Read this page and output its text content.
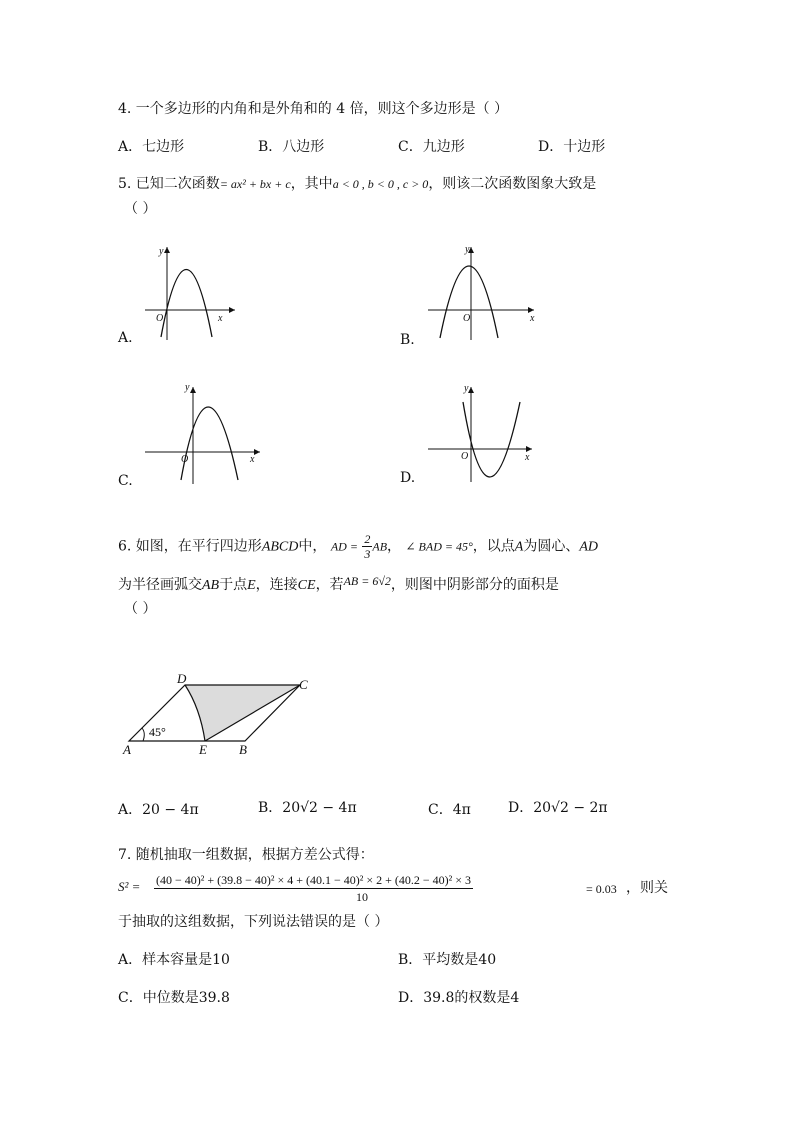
4. 一个多边形的内角和是外角和的 4 倍，则这个多边形是（ ）
A．七边形	B．八边形	C．九边形	D．十边形
5. 已知二次函数= ax² + bx + c，其中a < 0 , b < 0 , c > 0，则该二次函数图象大致是
（ ）
y
x
O
A.
y
x
O
B.
y
x
O
C.
y
x
O
D.
6. 如图，在平行四边形ABCD中， AD = $\frac{2}{3}$ AB， ∠ BAD = 45°，以点A为圆心、AD
为半径画弧交AB于点E，连接CE，若AB = 6√2，则图中阴影部分的面积是
（ ）
A	B
C
D
E
45°
A．20 − 4π	B．20√2 − 4π	C．4π	D．20√2 − 2π
7. 随机抽取一组数据，根据方差公式得：
S² = (40 − 40)² + (39.8 − 40)² × 4 + (40.1 − 40)² × 2 + (40.2 − 40)² × 3
10
= 0.03 ，则关
于抽取的这组数据，下列说法错误的是（ ）
A．样本容量是10	B．平均数是40
C．中位数是39.8	D．39.8的权数是4
